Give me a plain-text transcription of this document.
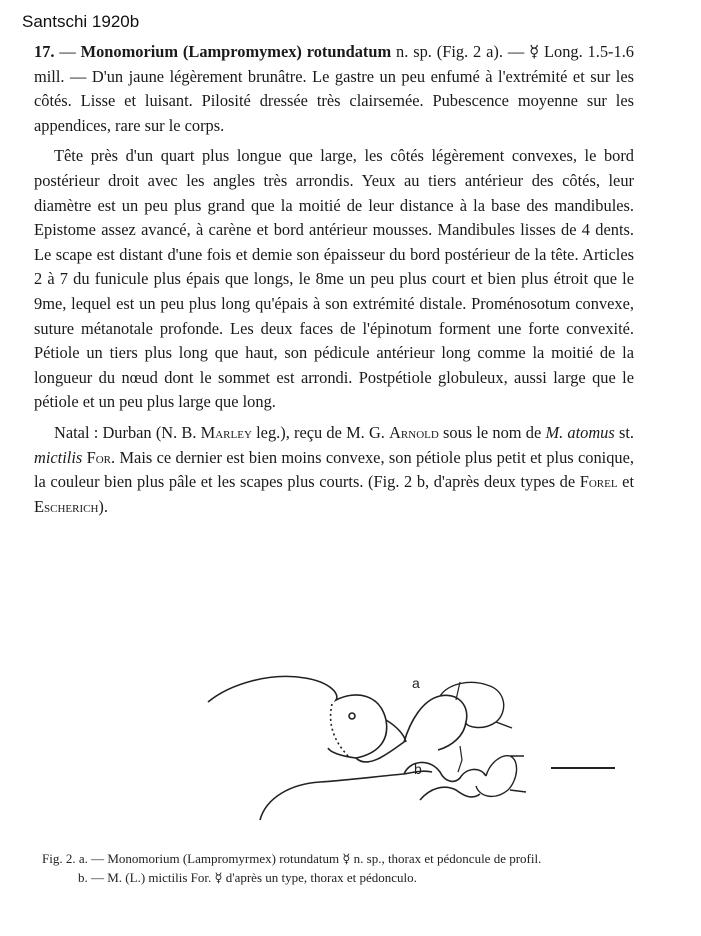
Santschi 1920b

17. — Monomorium (Lampromymex) rotundatum n. sp. (Fig. 2 a). — ☿ Long. 1.5-1.6 mill. — D'un jaune légèrement brunâtre. Le gastre un peu enfumé à l'extrémité et sur les côtés. Lisse et luisant. Pilosité dressée très clairsemée. Pubescence moyenne sur les appendices, rare sur le corps.

Tête près d'un quart plus longue que large, les côtés légèrement convexes, le bord postérieur droit avec les angles très arrondis. Yeux au tiers antérieur des côtés, leur diamètre est un peu plus grand que la moitié de leur distance à la base des mandibules. Epistome assez avancé, à carène et bord antérieur mousses. Mandibules lisses de 4 dents. Le scape est distant d'une fois et demie son épaisseur du bord postérieur de la tête. Articles 2 à 7 du funicule plus épais que longs, le 8me un peu plus court et bien plus étroit que le 9me, lequel est un peu plus long qu'épais à son extrémité distale. Proménosotum convexe, suture métanotale profonde. Les deux faces de l'épinotum forment une forte convexité. Pétiole un tiers plus long que haut, son pédicule antérieur long comme la moitié de la longueur du nœud dont le sommet est arrondi. Postpétiole globuleux, aussi large que le pétiole et un peu plus large que long.

Natal : Durban (N. B. Marley leg.), reçu de M. G. Arnold sous le nom de M. atomus st. mictilis For. Mais ce dernier est bien moins convexe, son pétiole plus petit et plus conique, la couleur bien plus pâle et les scapes plus courts. (Fig. 2 b, d'après deux types de Forel et Escherich).

a
b

Fig. 2. a. — Monomorium (Lampromyrmex) rotundatum ☿ n. sp., thorax et pédoncule de profil.

b. — M. (L.) mictilis For. ☿ d'après un type, thorax et pédonculo.
